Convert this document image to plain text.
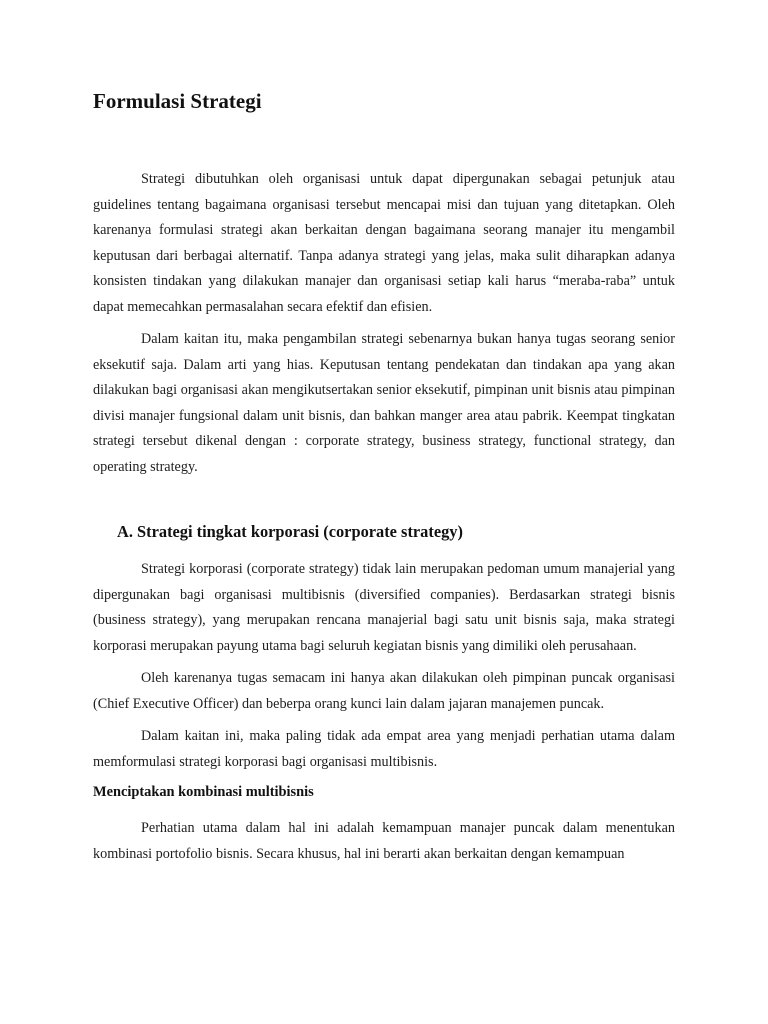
Formulasi Strategi

Strategi dibutuhkan oleh organisasi untuk dapat dipergunakan sebagai petunjuk atau guidelines tentang bagaimana organisasi tersebut mencapai misi dan tujuan yang ditetapkan. Oleh karenanya formulasi strategi akan berkaitan dengan bagaimana seorang manajer itu mengambil keputusan dari berbagai alternatif. Tanpa adanya strategi yang jelas, maka sulit diharapkan adanya konsisten tindakan yang dilakukan manajer dan organisasi setiap kali harus “meraba-raba” untuk dapat memecahkan permasalahan secara efektif dan efisien.

Dalam kaitan itu, maka pengambilan strategi sebenarnya bukan hanya tugas seorang senior eksekutif saja. Dalam arti yang hias. Keputusan tentang pendekatan dan tindakan apa yang akan dilakukan bagi organisasi akan mengikutsertakan senior eksekutif, pimpinan unit bisnis atau pimpinan divisi manajer fungsional dalam unit bisnis, dan bahkan manger area atau pabrik. Keempat tingkatan strategi tersebut dikenal dengan : corporate strategy, business strategy, functional strategy, dan operating strategy.

A. Strategi tingkat korporasi (corporate strategy)

Strategi korporasi (corporate strategy) tidak lain merupakan pedoman umum manajerial yang dipergunakan bagi organisasi multibisnis (diversified companies). Berdasarkan strategi bisnis (business strategy), yang merupakan rencana manajerial bagi satu unit bisnis saja, maka strategi korporasi merupakan payung utama bagi seluruh kegiatan bisnis yang dimiliki oleh perusahaan.

Oleh karenanya tugas semacam ini hanya akan dilakukan oleh pimpinan puncak organisasi (Chief Executive Officer) dan beberpa orang kunci lain dalam jajaran manajemen puncak.

Dalam kaitan ini, maka paling tidak ada empat area yang menjadi perhatian utama dalam memformulasi strategi korporasi bagi organisasi multibisnis.

Menciptakan kombinasi multibisnis

Perhatian utama dalam hal ini adalah kemampuan manajer puncak dalam menentukan kombinasi portofolio bisnis. Secara khusus, hal ini berarti akan berkaitan dengan kemampuan
